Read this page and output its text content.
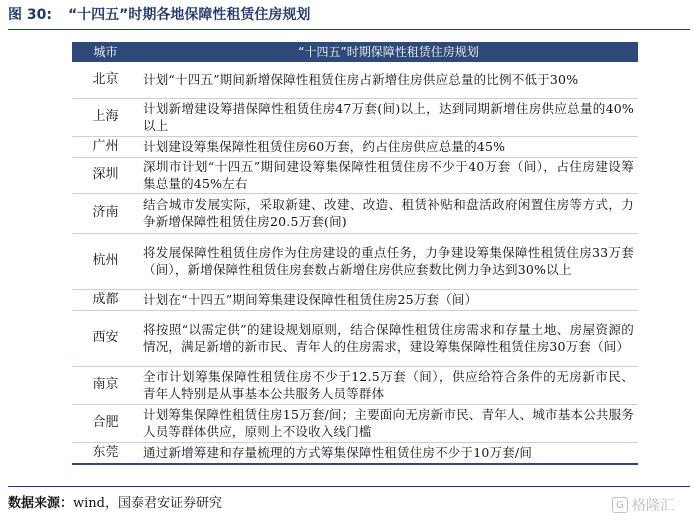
图 30: “十四五”时期各地保障性租赁住房规划
城市	“十四五”时期保障性租赁住房规划
北京	计划“十四五”期间新增保障性租赁住房占新增住房供应总量的比例不低于30%
上海	计划新增建设筹措保障性租赁住房47万套(间)以上，达到同期新增住房供应总量的40%以上
广州	计划建设筹集保障性租赁住房60万套，约占住房供应总量的45%
深圳	深圳市计划“十四五”期间建设筹集保障性租赁住房不少于40万套（间），占住房建设筹集总量的45%左右
济南	结合城市发展实际，采取新建、改建、改造、租赁补贴和盘活政府闲置住房等方式，力争新增保障性租赁住房20.5万套(间)
杭州	将发展保障性租赁住房作为住房建设的重点任务，力争建设筹集保障性租赁住房33万套（间），新增保障性租赁住房套数占新增住房供应套数比例力争达到30%以上
成都	计划在“十四五”期间筹集建设保障性租赁住房25万套（间）
西安	将按照“以需定供”的建设规划原则，结合保障性租赁住房需求和存量土地、房屋资源的情况，满足新增的新市民、青年人的住房需求，建设筹集保障性租赁住房30万套（间）
南京	全市计划筹集保障性租赁住房不少于12.5万套（间），供应给符合条件的无房新市民、青年人特别是从事基本公共服务人员等群体
合肥	计划筹集保障性租赁住房15万套/间；主要面向无房新市民、青年人、城市基本公共服务人员等群体供应，原则上不设收入线门槛
东莞	通过新增筹建和存量梳理的方式筹集保障性租赁住房不少于10万套/间
数据来源：wind，国泰君安证券研究	G 格隆汇
